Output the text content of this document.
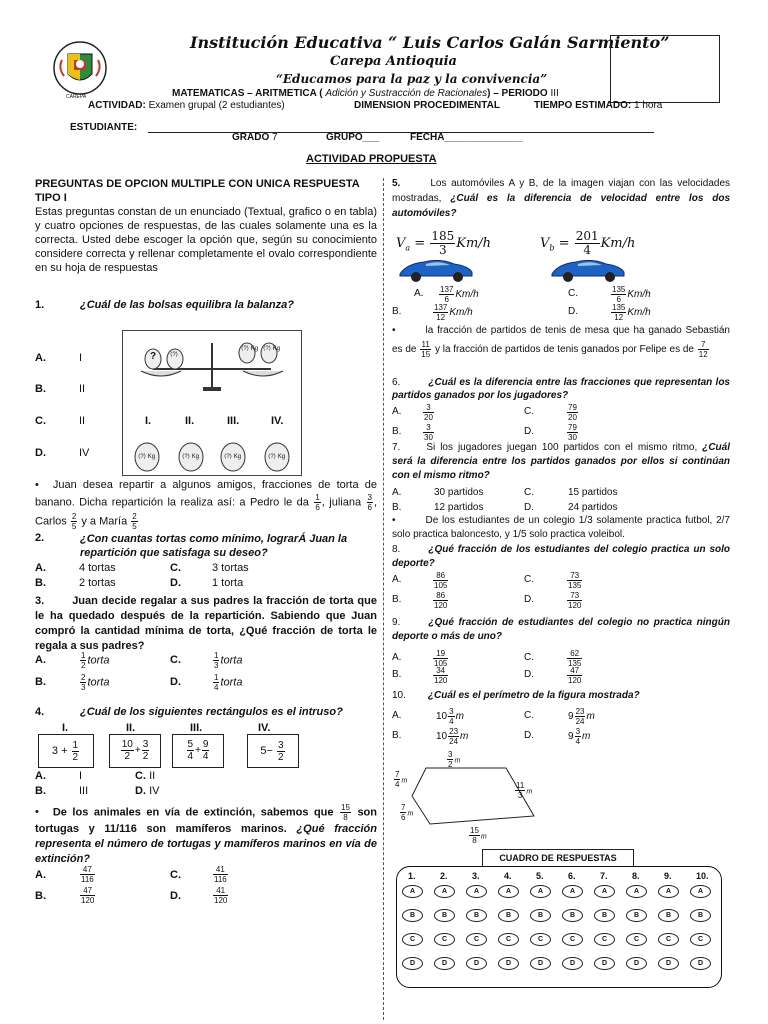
CAREPA
Institución Educativa “ Luis Carlos Galán Sarmiento”
Carepa Antioquia
“Educamos para la paz y la convivencia”
MATEMATICAS – ARITMETICA ( Adición y Sustracción de Racionales) – PERIODO III
ACTIVIDAD: Examen grupal (2 estudiantes)	DIMENSION PROCEDIMENTAL	TIEMPO ESTIMADO: 1 hora
ESTUDIANTE:
GRADO 7	GRUPO___	FECHA______________
ACTIVIDAD PROPUESTA
PREGUNTAS DE OPCION MULTIPLE CON UNICA RESPUESTA TIPO I
Estas preguntas constan de un enunciado (Textual, grafico o en tabla) y cuatro opciones de respuestas, de las cuales solamente una es la correcta. Usted debe escoger la opción que, según su conocimiento considere correcta y rellenar completamente el ovalo correspondiente en su hoja de respuestas
1.	¿Cuál de las bolsas equilibra la balanza?
A.	I
B.	II
C.	II
D.	IV
? ⟨?⟩
⟨?⟩ Kg ⟨?⟩ Kg
I.	II.	III.	IV.
⟨?⟩ Kg	⟨?⟩ Kg	⟨?⟩ Kg	⟨?⟩ Kg
• Juan desea repartir a algunos amigos, fracciones de torta de banano. Dicha repartición la realiza así: a Pedro le da $\frac{1}{6}$ , juliana $\frac{3}{6}$ , Carlos $\frac{2}{5}$ y a María $\frac{2}{5}$
2.	¿Con cuantas tortas como mínimo, lograrÁ Juan la repartición que satisfaga su deseo?
A.	4 tortas
B.	2 tortas
C.	3 tortas
D.	1 torta
3.	Juan decide regalar a sus padres la fracción de torta que le ha quedado después de la repartición. Sabiendo que Juan compró la cantidad mínima de torta, ¿Qué fracción de torta le regala a sus padres?
A.	$\frac{1}{2}$ torta
B.	$\frac{2}{3}$ torta
C.	$\frac{1}{3}$ torta
D.	$\frac{1}{4}$ torta
4.	¿Cuál de los siguientes rectángulos es el intruso?
I.	II.	III.	IV.
$3 + \frac{1}{2}$	$\frac{10}{2} + \frac{3}{2}$	$\frac{5}{4} + \frac{9}{4}$	$5- \frac{3}{2}$
A.	I
B.	III
C. II
D. IV
• De los animales en vía de extinción, sabemos que $\frac{15}{8}$ son tortugas y 11/116 son mamíferos marinos. ¿Qué fracción representa el número de tortugas y mamíferos marinos en vía de extinción?
A.	$\frac{47}{116}$
B.	$\frac{47}{120}$
C.	$\frac{41}{116}$
D.	$\frac{41}{120}$
5.	Los automóviles A y B, de la imagen viajan con las velocidades mostradas, ¿Cuál es la diferencia de velocidad entre los dos automóviles?
$V_a = \frac{185}{3} Km/h$	$V_b = \frac{201}{4} Km/h$
A. $\frac{137}{6} Km/h$
B.	$\frac{137}{12} Km/h$
C.	$\frac{135}{6} Km/h$
D.	$\frac{135}{12} Km/h$
•	la fracción de partidos de tenis de mesa que ha ganado Sebastián es de $\frac{11}{15}$ y la fracción de partidos de tenis ganados por Felipe es de $\frac{7}{12}$
6.	¿Cuál es la diferencia entre las fracciones que representan los partidos ganados por los jugadores?
A.	$\frac{3}{20}$
B.	$\frac{3}{30}$
C.	$\frac{79}{20}$
D.	$\frac{79}{30}$
7.	Si los jugadores juegan 100 partidos con el mismo ritmo, ¿Cuál será la diferencia entre los partidos ganados por ellos si continúan con el mismo ritmo?
A.	30 partidos
B.	12 partidos
C.	15 partidos
D.	24 partidos
•	De los estudiantes de un colegio 1/3 solamente practica futbol, 2/7 solo practica baloncesto, y 1/5 solo practica voleibol.
8.	¿Qué fracción de los estudiantes del colegio practica un solo deporte?
A.	$\frac{86}{105}$
B.	$\frac{86}{120}$
C.	$\frac{73}{135}$
D.	$\frac{73}{120}$
9.	¿Qué fracción de estudiantes del colegio no practica ningún deporte o más de uno?
A.	$\frac{19}{105}$
B.	$\frac{34}{120}$
C.	$\frac{62}{135}$
D.	$\frac{47}{120}$
10. ¿Cuál es el perímetro de la figura mostrada?
A.	$10 \frac{3}{4}$ m
B.	$10 \frac{23}{24}$ m
C.	$9 \frac{23}{24}$ m
D.	$9 \frac{3}{4}$ m
$\frac{3}{2}$ m
$\frac{7}{4}$ m
$\frac{7}{6}$ m
$\frac{11}{3}$ m
$\frac{15}{8}$ m
CUADRO DE RESPUESTAS
1.	2.	3.	4.	5.	6.	7.	8.	9.	10.
A	A	A	A	A	A	A	A	A	A
B	B	B	B	B	B	B	B	B	B
C	C	C	C	C	C	C	C	C	C
D	D	D	D	D	D	D	D	D	D
